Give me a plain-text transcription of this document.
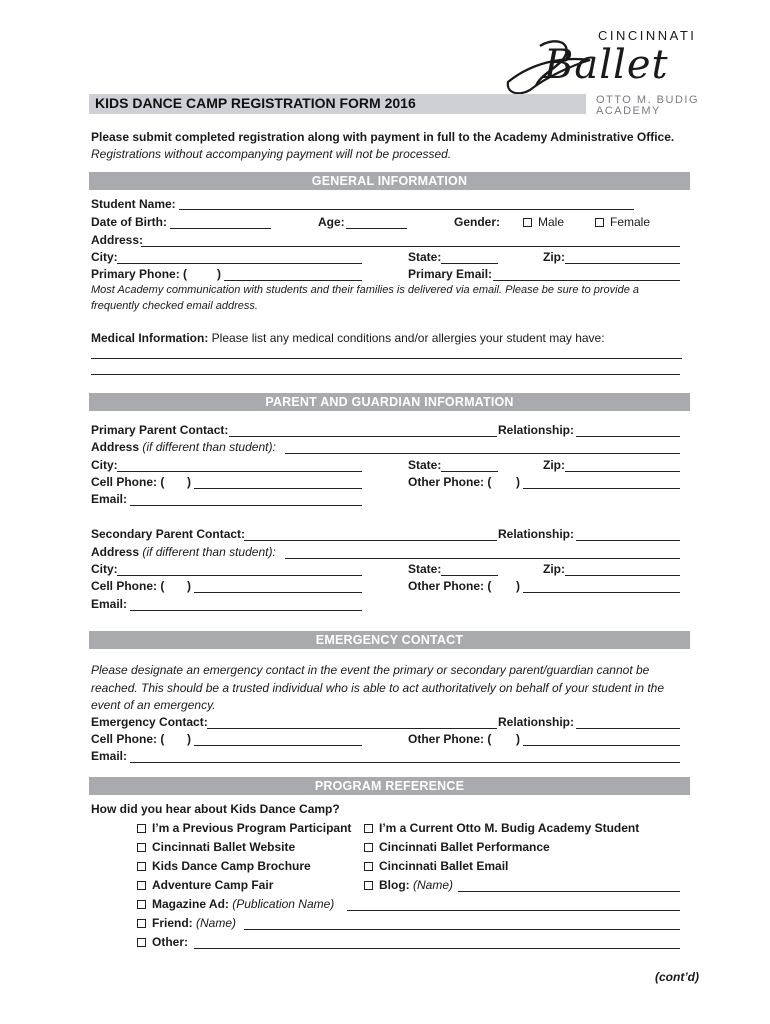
CINCINNATI
Ballet
OTTO M. BUDIG
ACADEMY
KIDS DANCE CAMP REGISTRATION FORM 2016
Please submit completed registration along with payment in full to the Academy Administrative Office.
Registrations without accompanying payment will not be processed.
GENERAL INFORMATION
Student Name:
Date of Birth:	Age:	Gender:	Male	Female
Address:
City:	State:	Zip:
Primary Phone: ( )	Primary Email:
Most Academy communication with students and their families is delivered via email. Please be sure to provide a
frequently checked email address.
Medical Information: Please list any medical conditions and/or allergies your student may have:
PARENT AND GUARDIAN INFORMATION
Primary Parent Contact:	Relationship:
Address (if different than student):
City:	State:	Zip:
Cell Phone: ( )	Other Phone: ( )
Email:
Secondary Parent Contact:	Relationship:
Address (if different than student):
City:	State:	Zip:
Cell Phone: ( )	Other Phone: ( )
Email:
EMERGENCY CONTACT
Please designate an emergency contact in the event the primary or secondary parent/guardian cannot be
reached. This should be a trusted individual who is able to act authoritatively on behalf of your student in the
event of an emergency.
Emergency Contact:	Relationship:
Cell Phone: ( )	Other Phone: ( )
Email:
PROGRAM REFERENCE
How did you hear about Kids Dance Camp?
I’m a Previous Program Participant	I’m a Current Otto M. Budig Academy Student
Cincinnati Ballet Website	Cincinnati Ballet Performance
Kids Dance Camp Brochure	Cincinnati Ballet Email
Adventure Camp Fair	Blog: (Name)
Magazine Ad: (Publication Name)
Friend: (Name)
Other:
(cont’d)
